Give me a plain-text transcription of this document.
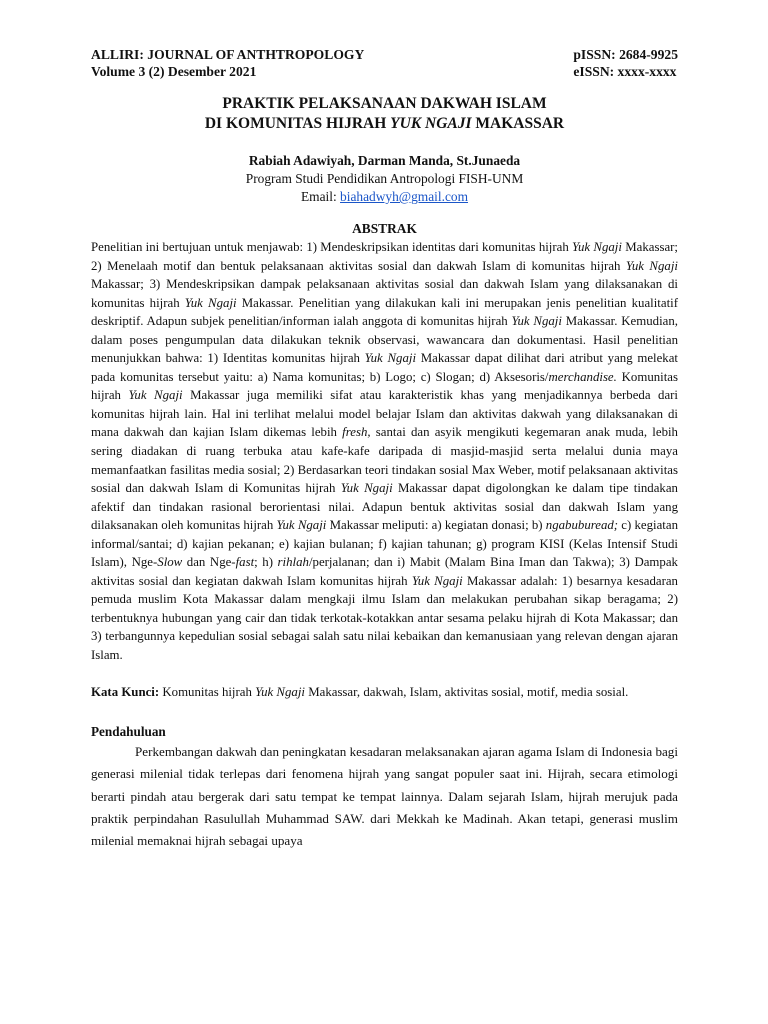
ALLIRI: JOURNAL OF ANTHTROPOLOGY
Volume 3 (2) Desember 2021
pISSN: 2684-9925
eISSN: xxxx-xxxx
PRAKTIK PELAKSANAAN DAKWAH ISLAM
DI KOMUNITAS HIJRAH YUK NGAJI MAKASSAR
Rabiah Adawiyah, Darman Manda, St.Junaeda
Program Studi Pendidikan Antropologi FISH-UNM
Email: biahadwyh@gmail.com
ABSTRAK

Penelitian ini bertujuan untuk menjawab: 1) Mendeskripsikan identitas dari komunitas hijrah Yuk Ngaji Makassar; 2) Menelaah motif dan bentuk pelaksanaan aktivitas sosial dan dakwah Islam di komunitas hijrah Yuk Ngaji Makassar; 3) Mendeskripsikan dampak pelaksanaan aktivitas sosial dan dakwah Islam yang dilaksanakan di komunitas hijrah Yuk Ngaji Makassar. Penelitian yang dilakukan kali ini merupakan jenis penelitian kualitatif deskriptif. Adapun subjek penelitian/informan ialah anggota di komunitas hijrah Yuk Ngaji Makassar. Kemudian, dalam poses pengumpulan data dilakukan teknik observasi, wawancara dan dokumentasi. Hasil penelitian menunjukkan bahwa: 1) Identitas komunitas hijrah Yuk Ngaji Makassar dapat dilihat dari atribut yang melekat pada komunitas tersebut yaitu: a) Nama komunitas; b) Logo; c) Slogan; d) Aksesoris/merchandise. Komunitas hijrah Yuk Ngaji Makassar juga memiliki sifat atau karakteristik khas yang menjadikannya berbeda dari komunitas hijrah lain. Hal ini terlihat melalui model belajar Islam dan aktivitas dakwah yang dilaksanakan di mana dakwah dan kajian Islam dikemas lebih fresh, santai dan asyik mengikuti kegemaran anak muda, lebih sering diadakan di ruang terbuka atau kafe-kafe daripada di masjid-masjid serta melalui dunia maya memanfaatkan fasilitas media sosial; 2) Berdasarkan teori tindakan sosial Max Weber, motif pelaksanaan aktivitas sosial dan dakwah Islam di Komunitas hijrah Yuk Ngaji Makassar dapat digolongkan ke dalam tipe tindakan afektif dan tindakan rasional berorientasi nilai. Adapun bentuk aktivitas sosial dan dakwah Islam yang dilaksanakan oleh komunitas hijrah Yuk Ngaji Makassar meliputi: a) kegiatan donasi; b) ngabuburead; c) kegiatan informal/santai; d) kajian pekanan; e) kajian bulanan; f) kajian tahunan; g) program KISI (Kelas Intensif Studi Islam), Nge-Slow dan Nge-fast; h) rihlah/perjalanan; dan i) Mabit (Malam Bina Iman dan Takwa); 3) Dampak aktivitas sosial dan kegiatan dakwah Islam komunitas hijrah Yuk Ngaji Makassar adalah: 1) besarnya kesadaran pemuda muslim Kota Makassar dalam mengkaji ilmu Islam dan melakukan perubahan sikap beragama; 2) terbentuknya hubungan yang cair dan tidak terkotak-kotakkan antar sesama pelaku hijrah di Kota Makassar; dan 3) terbangunnya kepedulian sosial sebagai salah satu nilai kebaikan dan kemanusiaan yang relevan dengan ajaran Islam.

Kata Kunci: Komunitas hijrah Yuk Ngaji Makassar, dakwah, Islam, aktivitas sosial, motif, media sosial.
Pendahuluan

Perkembangan dakwah dan peningkatan kesadaran melaksanakan ajaran agama Islam di Indonesia bagi generasi milenial tidak terlepas dari fenomena hijrah yang sangat populer saat ini. Hijrah, secara etimologi berarti pindah atau bergerak dari satu tempat ke tempat lainnya. Dalam sejarah Islam, hijrah merujuk pada praktik perpindahan Rasulullah Muhammad SAW. dari Mekkah ke Madinah. Akan tetapi, generasi muslim milenial memaknai hijrah sebagai upaya
